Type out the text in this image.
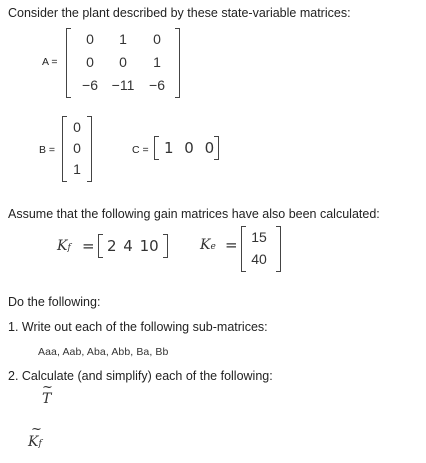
Consider the plant described by these state-variable matrices:
A =
0	1	0
0	0	1
−6 −11	−6
B =
0
0
1
C = 1 0 0
Assume that the following gain matrices have also been calculated:
Kf = 2 4 10	Ke = 15
40
Do the following:
1. Write out each of the following sub-matrices:
Aaa, Aab, Aba, Abb, Ba, Bb
2. Calculate (and simplify) each of the following:
~
T
~
Kf
